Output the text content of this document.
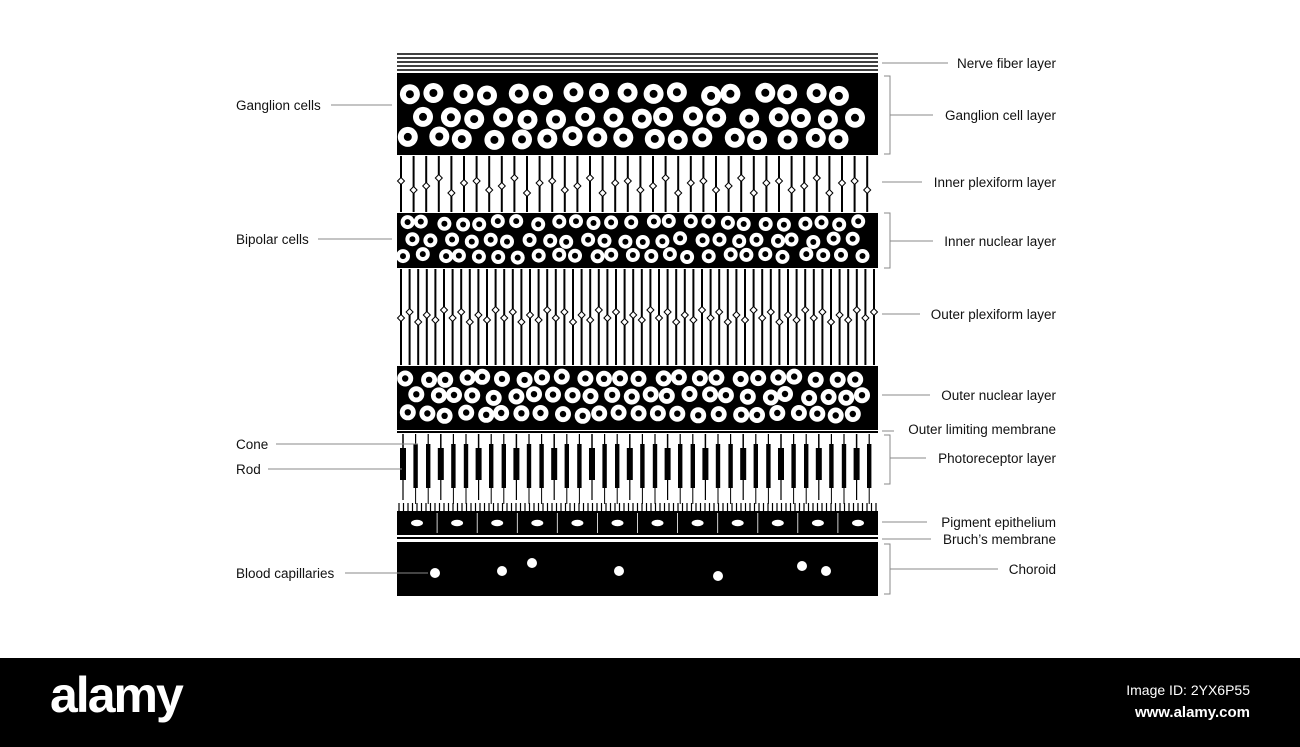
Ganglion cells
Bipolar cells
Cone
Rod
Blood capillaries
Nerve fiber layer
Ganglion cell layer
Inner plexiform layer
Inner nuclear layer
Outer plexiform layer
Outer nuclear layer
Outer limiting membrane
Photoreceptor layer
Pigment epithelium
Bruch’s membrane
Choroid
alamy	Image ID: 2YX6P55
www.alamy.com
